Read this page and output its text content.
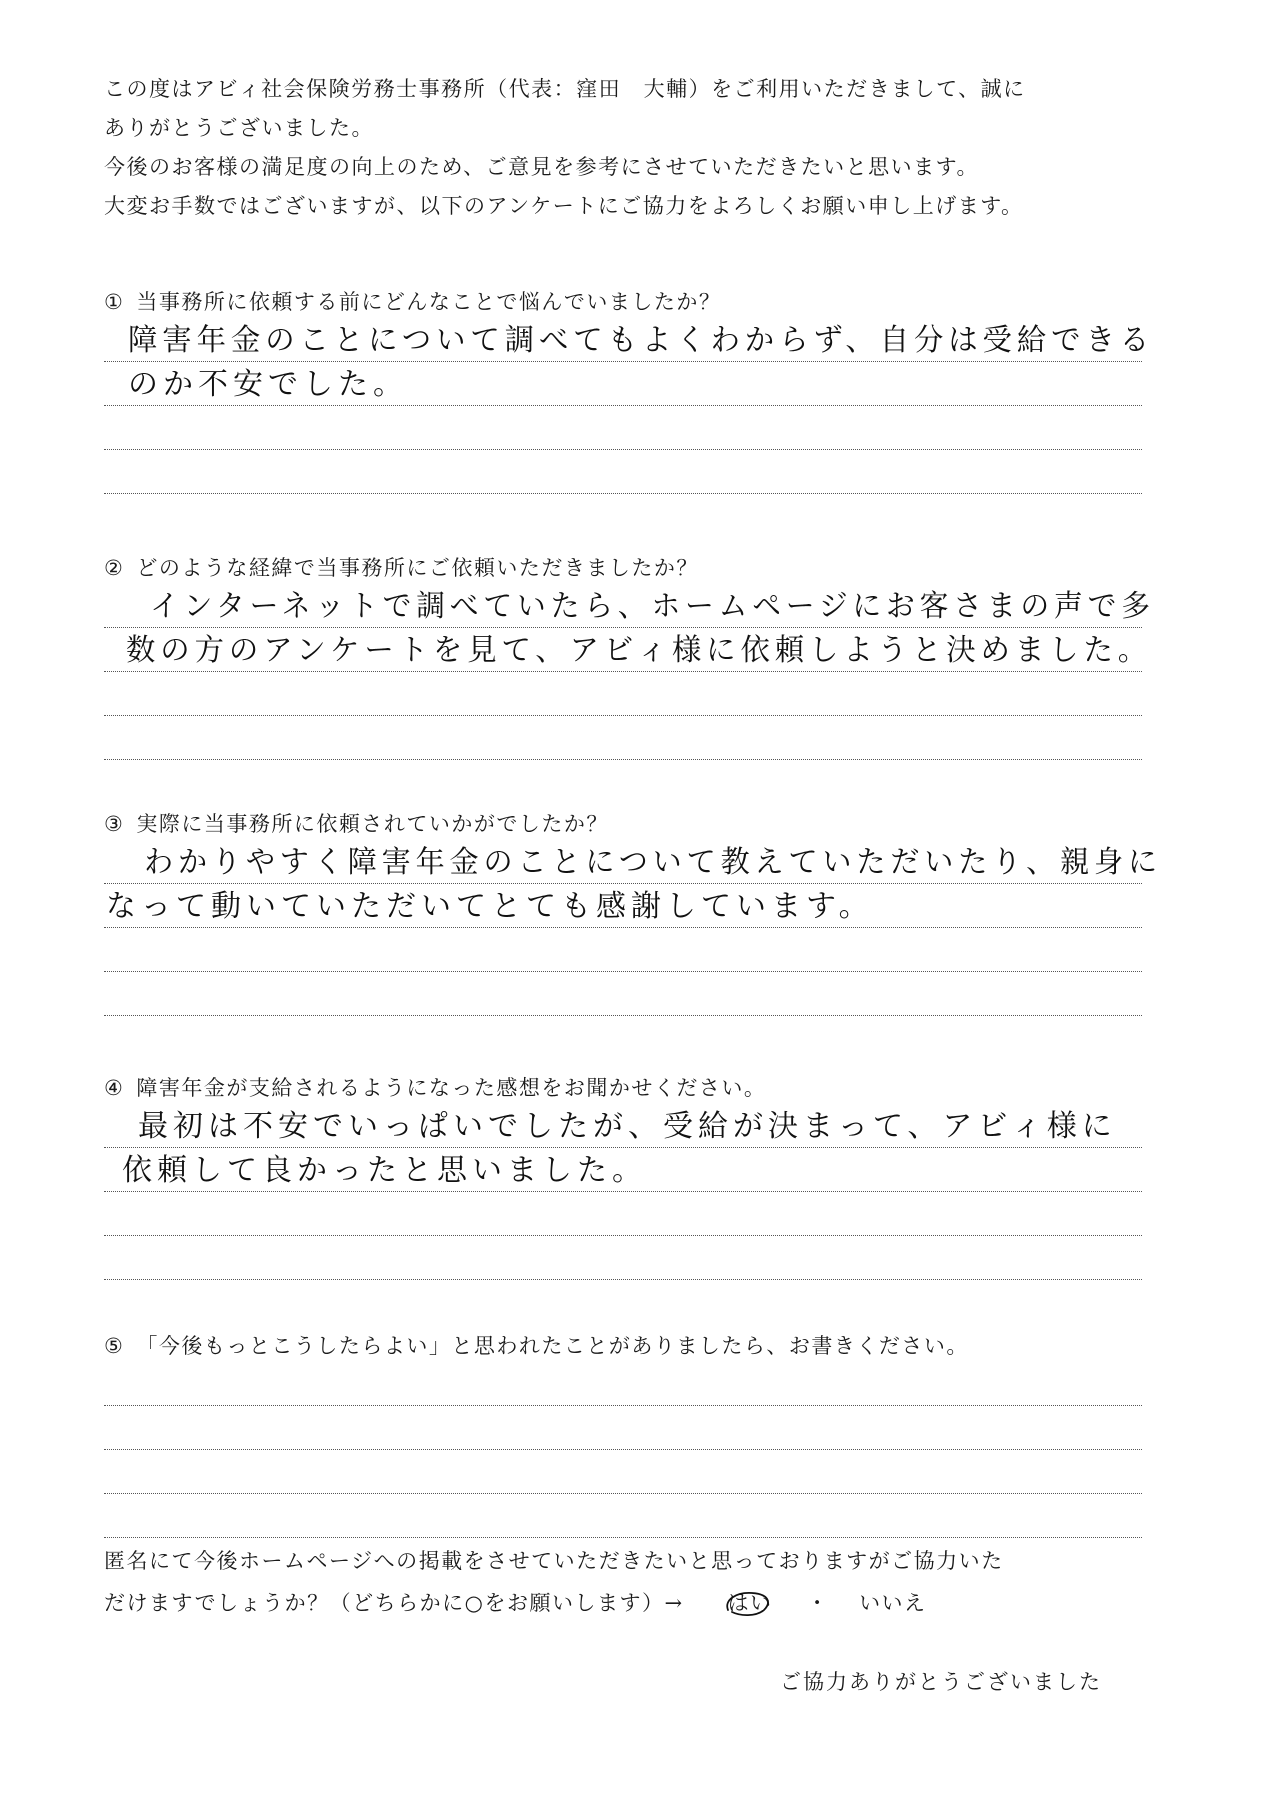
この度はアビィ社会保険労務士事務所（代表：窪田　大輔）をご利用いただきまして、誠に

ありがとうございました。

今後のお客様の満足度の向上のため、ご意見を参考にさせていただきたいと思います。

大変お手数ではございますが、以下のアンケートにご協力をよろしくお願い申し上げます。

① 当事務所に依頼する前にどんなことで悩んでいましたか？
障害年金のことについて調べてもよくわからず、自分は受給できる
のか不安でした。
② どのような経緯で当事務所にご依頼いただきましたか？
インターネットで調べていたら、ホームページにお客さまの声で多
数の方のアンケートを見て、アビィ様に依頼しようと決めました。
③ 実際に当事務所に依頼されていかがでしたか？
わかりやすく障害年金のことについて教えていただいたり、親身に
なって動いていただいてとても感謝しています。
④ 障害年金が支給されるようになった感想をお聞かせください。
最初は不安でいっぱいでしたが、受給が決まって、アビィ様に
依頼して良かったと思いました。
⑤ 「今後もっとこうしたらよい」と思われたことがありましたら、お書きください。

匿名にて今後ホームページへの掲載をさせていただきたいと思っておりますがご協力いた

だけますでしょうか？（どちらかに○をお願いします）→ はい ・ いいえ

ご協力ありがとうございました
